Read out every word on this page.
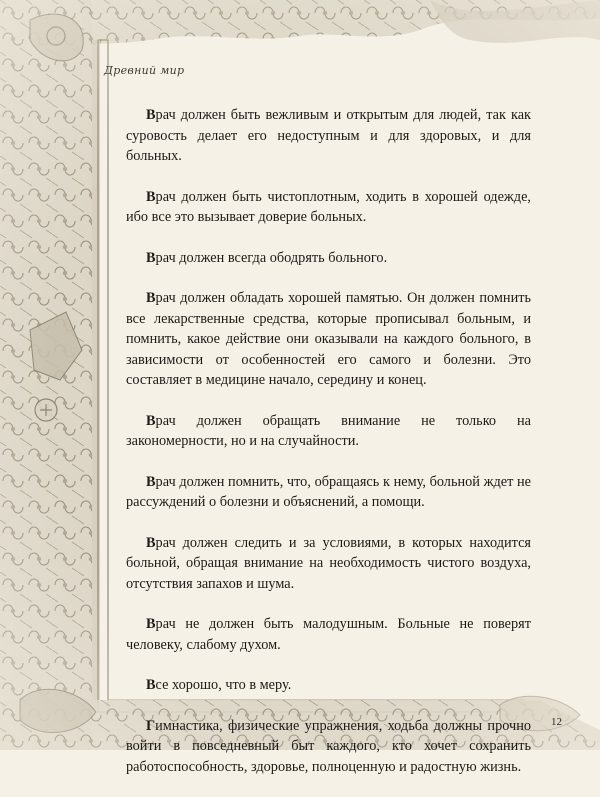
Древний мир

Врач должен быть вежливым и открытым для людей, так как суровость делает его недоступным и для здоровых, и для больных.

Врач должен быть чистоплотным, ходить в хорошей одежде, ибо все это вызывает доверие больных.

Врач должен всегда ободрять больного.

Врач должен обладать хорошей памятью. Он должен помнить все лекарственные средства, которые прописывал больным, и помнить, какое действие они оказывали на каждого больного, в зависимости от особенностей его самого и болезни. Это составляет в медицине начало, середину и конец.

Врач должен обращать внимание не только на закономерности, но и на случайности.

Врач должен помнить, что, обращаясь к нему, больной ждет не рассуждений о болезни и объяснений, а помощи.

Врач должен следить и за условиями, в которых находится больной, обращая внимание на необходимость чистого воздуха, отсутствия запахов и шума.

Врач не должен быть малодушным. Больные не поверят человеку, слабому духом.

Все хорошо, что в меру.

Гимнастика, физические упражнения, ходьба должны прочно войти в повседневный быт каждого, кто хочет сохранить работоспособность, здоровье, полноценную и радостную жизнь.

12
